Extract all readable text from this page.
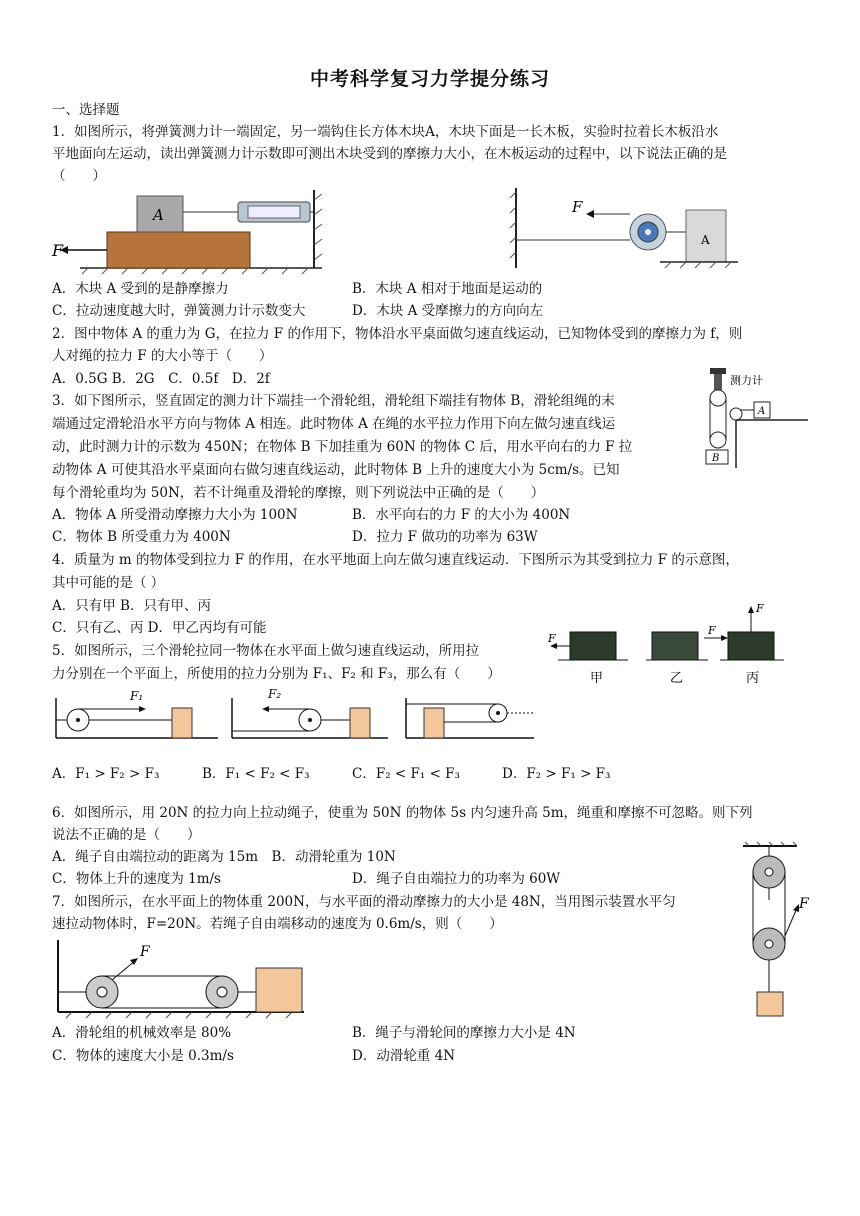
中考科学复习力学提分练习
一、选择题
1．如图所示，将弹簧测力计一端固定，另一端钩住长方体木块A，木块下面是一长木板，实验时拉着长木板沿水
平地面向左运动，读出弹簧测力计示数即可测出木块受到的摩擦力大小，在木板运动的过程中，以下说法正确的是
（　　）
A
F
F
A
A．木块 A 受到的是静摩擦力	B．木块 A 相对于地面是运动的
C．拉动速度越大时，弹簧测力计示数变大	D．木块 A 受摩擦力的方向向左
2．图中物体 A 的重力为 G，在拉力 F 的作用下，物体沿水平桌面做匀速直线运动，已知物体受到的摩擦力为 f，则
人对绳的拉力 F 的大小等于（　　）
A．0.5G B．2G　C．0.5f　D．2f	测力计
B
A
3．如下图所示，竖直固定的测力计下端挂一个滑轮组，滑轮组下端挂有物体 B，滑轮组绳的末
端通过定滑轮沿水平方向与物体 A 相连。此时物体 A 在绳的水平拉力作用下向左做匀速直线运
动，此时测力计的示数为 450N；在物体 B 下加挂重为 60N 的物体 C 后，用水平向右的力 F 拉
动物体 A 可使其沿水平桌面向右做匀速直线运动，此时物体 B 上升的速度大小为 5cm/s。已知
每个滑轮重均为 50N，若不计绳重及滑轮的摩擦，则下列说法中正确的是（　　）
A．物体 A 所受滑动摩擦力大小为 100N	B．水平向右的力 F 的大小为 400N
C．物体 B 所受重力为 400N	D．拉力 F 做功的功率为 63W
4．质量为 m 的物体受到拉力 F 的作用，在水平地面上向左做匀速直线运动．下图所示为其受到拉力 F 的示意图，
其中可能的是（ ）
A．只有甲 B．只有甲、丙
C．只有乙、丙 D．甲乙丙均有可能
F
甲	乙
F
F
丙
5．如图所示，三个滑轮拉同一物体在水平面上做匀速直线运动，所用拉
力分别在一个平面上，所使用的拉力分别为 F₁、F₂ 和 F₃，那么有（　　）
F₁	F₂
A．F₁ > F₂ > F₃	B．F₁ < F₂ < F₃	C．F₂ < F₁ < F₃	D．F₂ > F₁ > F₃
6．如图所示，用 20N 的拉力向上拉动绳子，使重为 50N 的物体 5s 内匀速升高 5m，绳重和摩擦不可忽略。则下列
说法不正确的是（　　）
A．绳子自由端拉动的距离为 15m　B．动滑轮重为 10N
C．物体上升的速度为 1m/s	D．绳子自由端拉力的功率为 60W
F
7．如图所示，在水平面上的物体重 200N，与水平面的滑动摩擦力的大小是 48N，当用图示装置水平匀
速拉动物体时，F=20N。若绳子自由端移动的速度为 0.6m/s，则（　　）
F
A．滑轮组的机械效率是 80%	B．绳子与滑轮间的摩擦力大小是 4N
C．物体的速度大小是 0.3m/s	D．动滑轮重 4N
